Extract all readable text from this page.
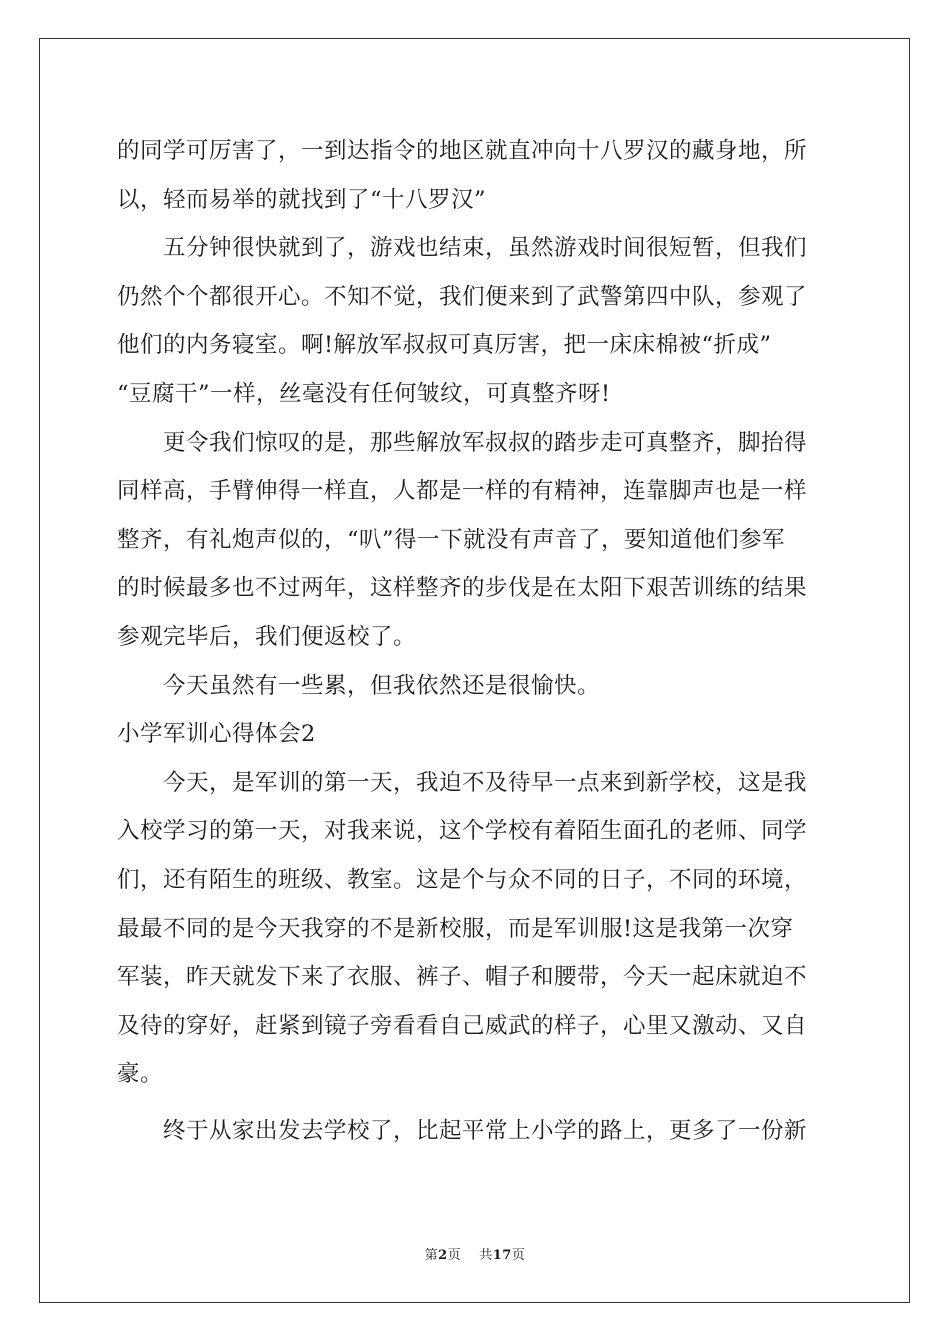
的同学可厉害了，一到达指令的地区就直冲向十八罗汉的藏身地，所
以，轻而易举的就找到了“十八罗汉”
五分钟很快就到了，游戏也结束，虽然游戏时间很短暂，但我们
仍然个个都很开心。不知不觉，我们便来到了武警第四中队，参观了
他们的内务寝室。啊!解放军叔叔可真厉害，把一床床棉被“折成”
“豆腐干”一样，丝毫没有任何皱纹，可真整齐呀!
更令我们惊叹的是，那些解放军叔叔的踏步走可真整齐，脚抬得
同样高，手臂伸得一样直，人都是一样的有精神，连靠脚声也是一样
整齐，有礼炮声似的，“叭”得一下就没有声音了，要知道他们参军
的时候最多也不过两年，这样整齐的步伐是在太阳下艰苦训练的结果
参观完毕后，我们便返校了。
今天虽然有一些累，但我依然还是很愉快。
小学军训心得体会2
今天，是军训的第一天，我迫不及待早一点来到新学校，这是我
入校学习的第一天，对我来说，这个学校有着陌生面孔的老师、同学
们，还有陌生的班级、教室。这是个与众不同的日子，不同的环境，
最最不同的是今天我穿的不是新校服，而是军训服!这是我第一次穿
军装，昨天就发下来了衣服、裤子、帽子和腰带，今天一起床就迫不
及待的穿好，赶紧到镜子旁看看自己威武的样子，心里又激动、又自
豪。
终于从家出发去学校了，比起平常上小学的路上，更多了一份新
第2页 共17页
